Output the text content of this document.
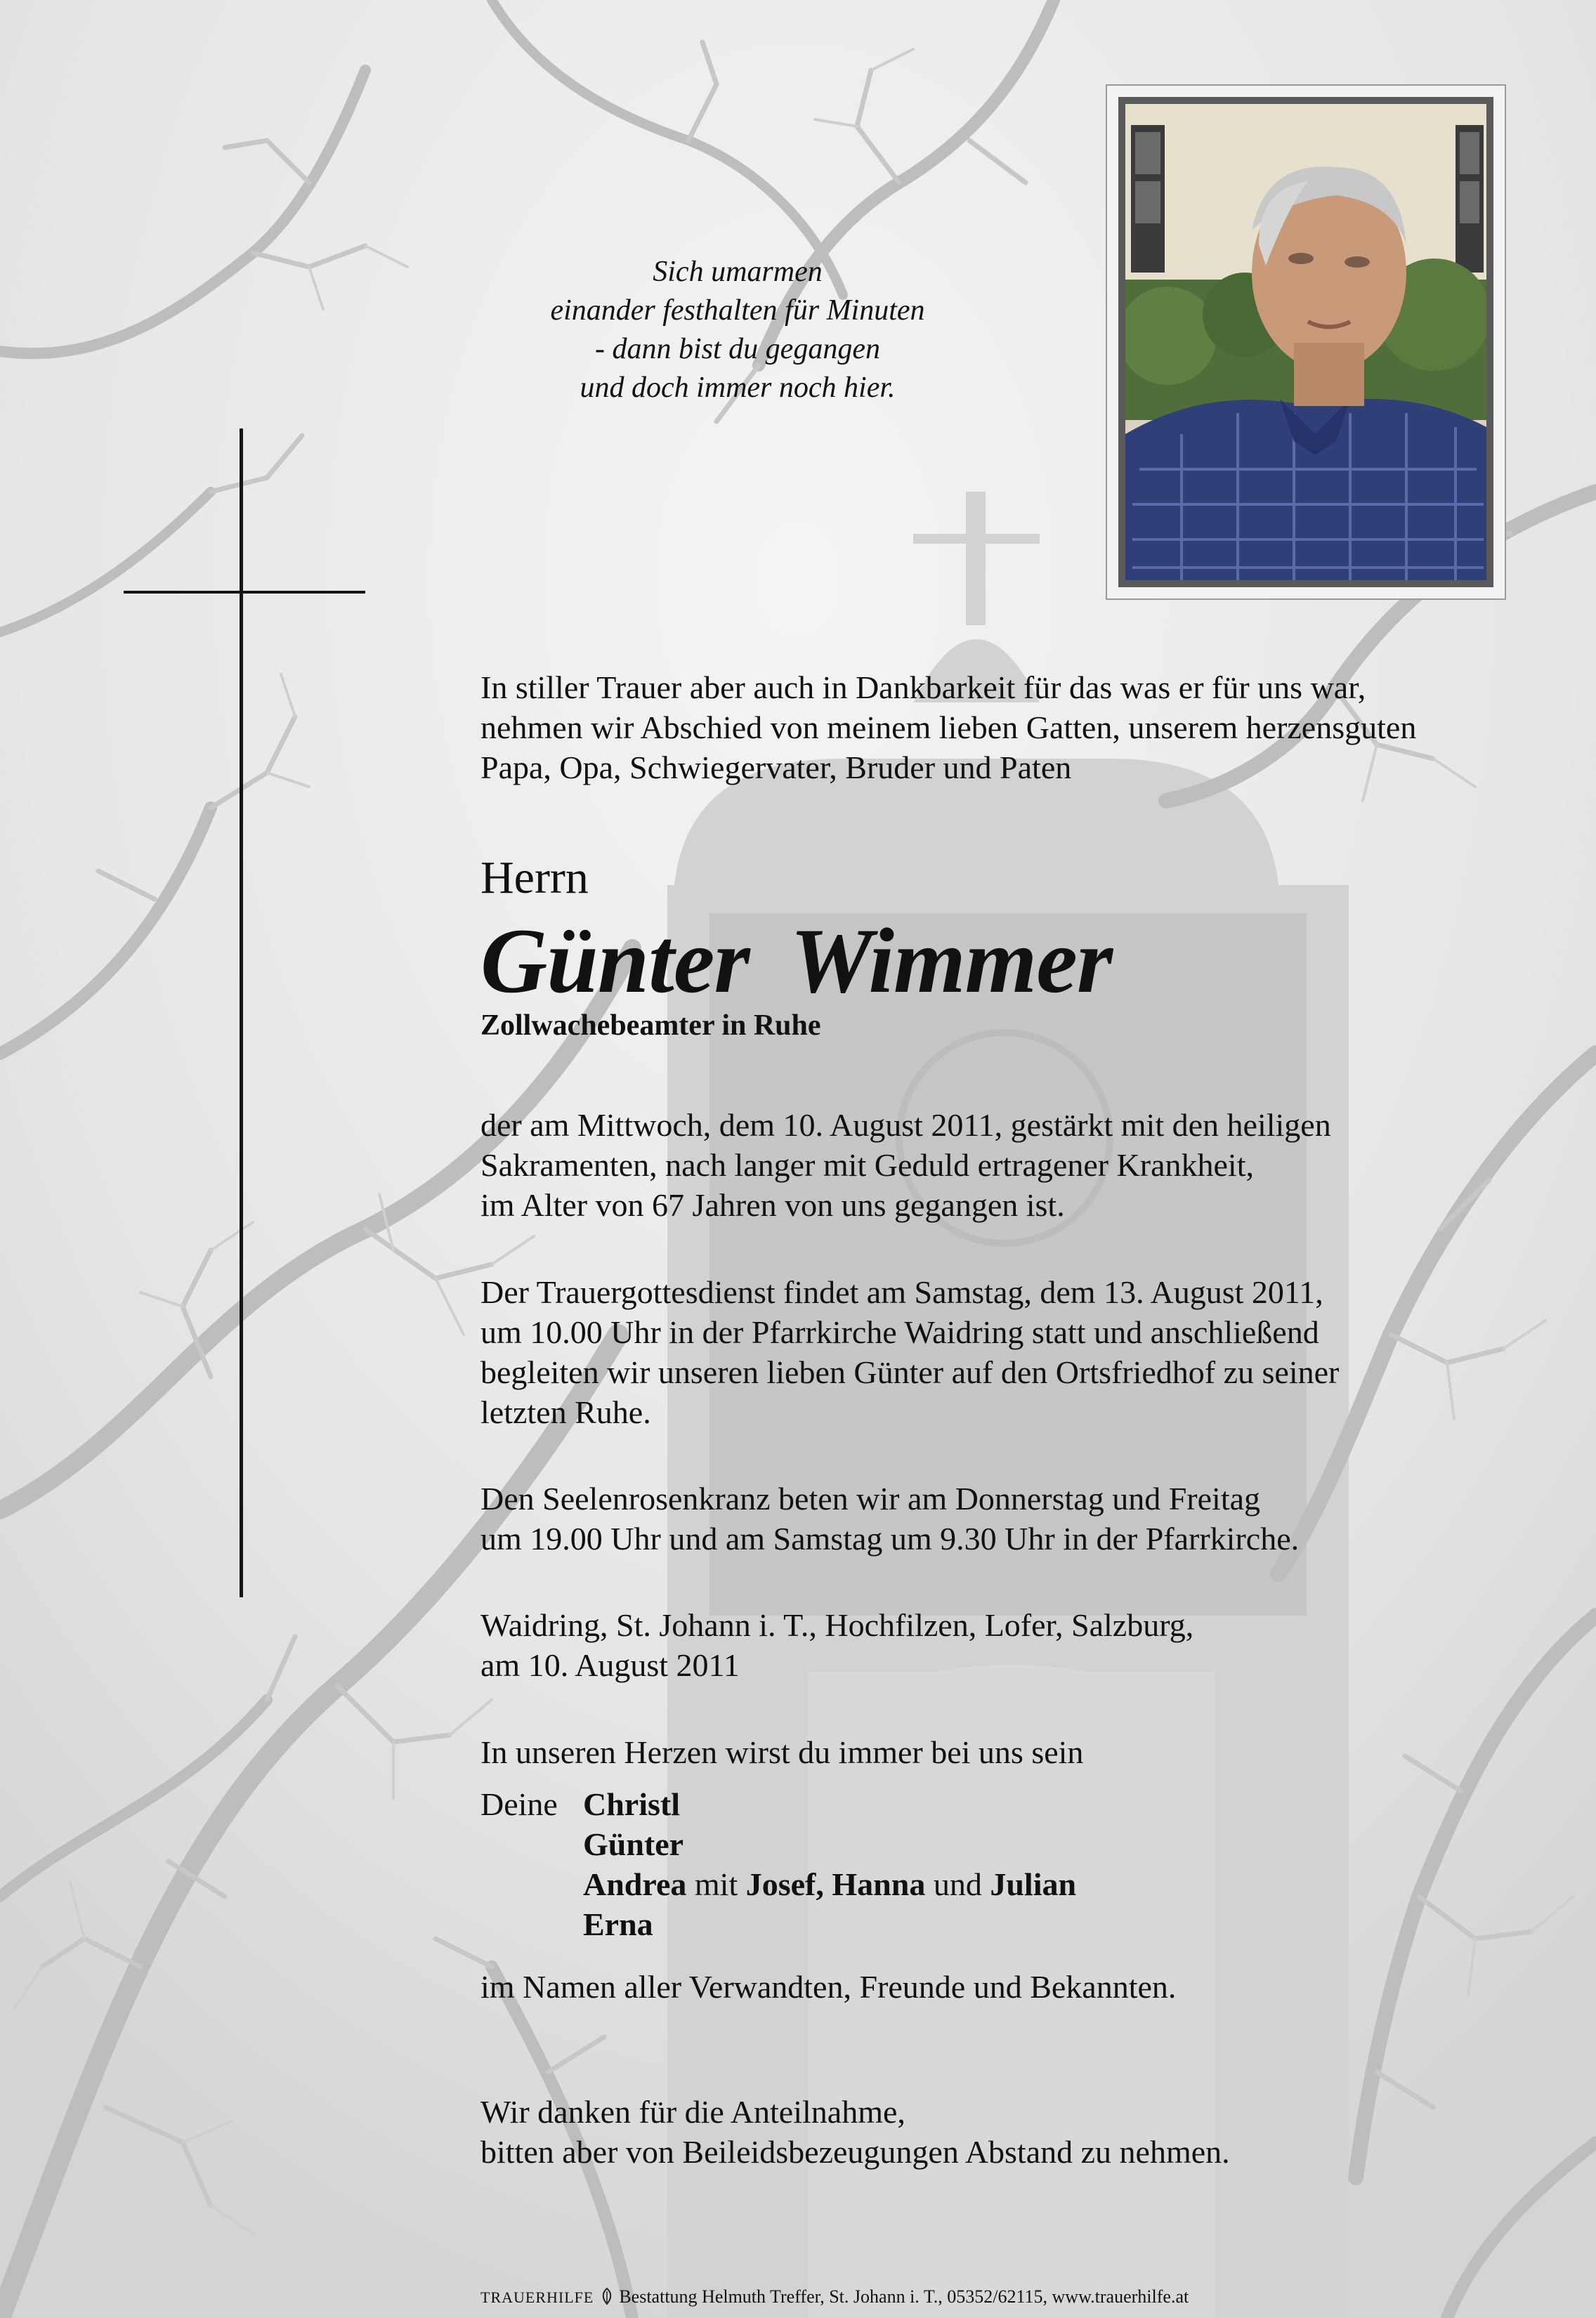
Sich umarmen
einander festhalten für Minuten
- dann bist du gegangen
und doch immer noch hier.
In stiller Trauer aber auch in Dankbarkeit für das was er für uns war,
nehmen wir Abschied von meinem lieben Gatten, unserem herzensguten
Papa, Opa, Schwiegervater, Bruder und Paten
Herrn
Günter Wimmer
Zollwachebeamter in Ruhe
der am Mittwoch, dem 10. August 2011, gestärkt mit den heiligen
Sakramenten, nach langer mit Geduld ertragener Krankheit,
im Alter von 67 Jahren von uns gegangen ist.
Der Trauergottesdienst findet am Samstag, dem 13. August 2011,
um 10.00 Uhr in der Pfarrkirche Waidring statt und anschließend
begleiten wir unseren lieben Günter auf den Ortsfriedhof zu seiner
letzten Ruhe.
Den Seelenrosenkranz beten wir am Donnerstag und Freitag
um 19.00 Uhr und am Samstag um 9.30 Uhr in der Pfarrkirche.
Waidring, St. Johann i. T., Hochfilzen, Lofer, Salzburg,
am 10. August 2011
In unseren Herzen wirst du immer bei uns sein
Deine Christl
Günter
Andrea mit Josef, Hanna und Julian
Erna
im Namen aller Verwandten, Freunde und Bekannten.
Wir danken für die Anteilnahme,
bitten aber von Beileidsbezeugungen Abstand zu nehmen.
TRAUERHILFE Bestattung Helmuth Treffer, St. Johann i. T., 05352/62115, www.trauerhilfe.at
